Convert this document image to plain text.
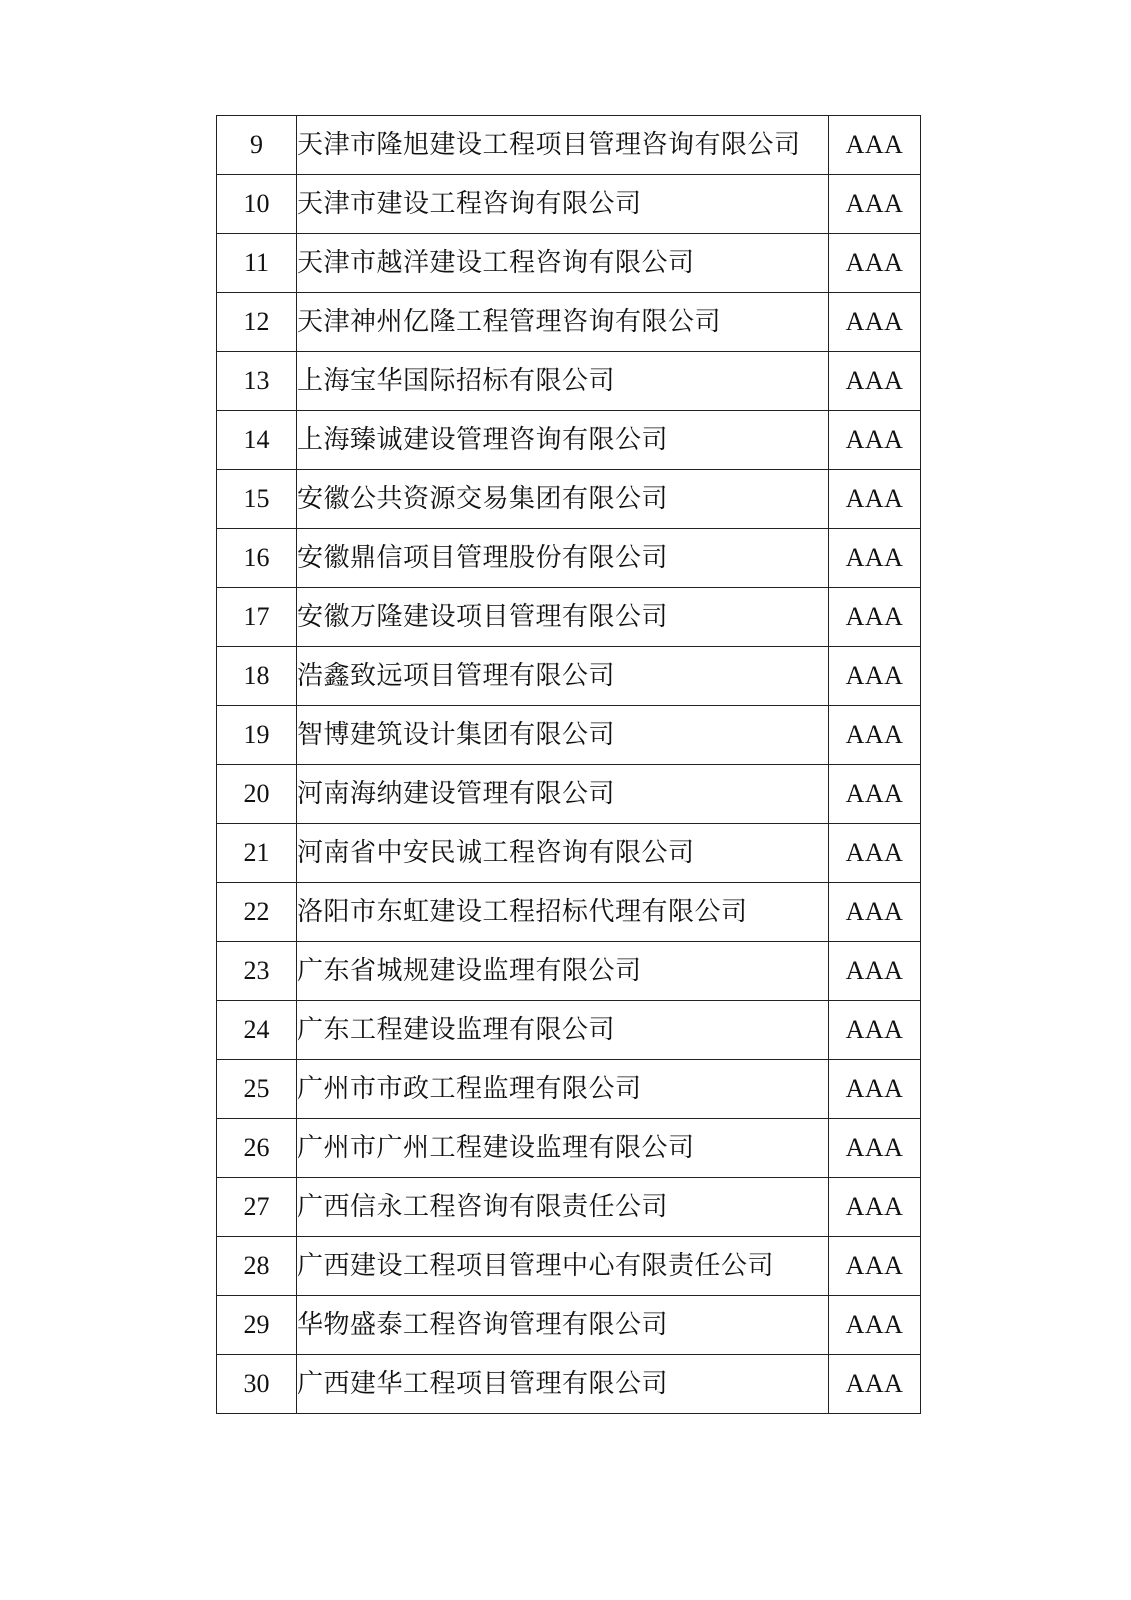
9	天津市隆旭建设工程项目管理咨询有限公司	AAA
10	天津市建设工程咨询有限公司	AAA
11	天津市越洋建设工程咨询有限公司	AAA
12	天津神州亿隆工程管理咨询有限公司	AAA
13	上海宝华国际招标有限公司	AAA
14	上海臻诚建设管理咨询有限公司	AAA
15	安徽公共资源交易集团有限公司	AAA
16	安徽鼎信项目管理股份有限公司	AAA
17	安徽万隆建设项目管理有限公司	AAA
18	浩鑫致远项目管理有限公司	AAA
19	智博建筑设计集团有限公司	AAA
20	河南海纳建设管理有限公司	AAA
21	河南省中安民诚工程咨询有限公司	AAA
22	洛阳市东虹建设工程招标代理有限公司	AAA
23	广东省城规建设监理有限公司	AAA
24	广东工程建设监理有限公司	AAA
25	广州市市政工程监理有限公司	AAA
26	广州市广州工程建设监理有限公司	AAA
27	广西信永工程咨询有限责任公司	AAA
28	广西建设工程项目管理中心有限责任公司	AAA
29	华物盛泰工程咨询管理有限公司	AAA
30	广西建华工程项目管理有限公司	AAA
